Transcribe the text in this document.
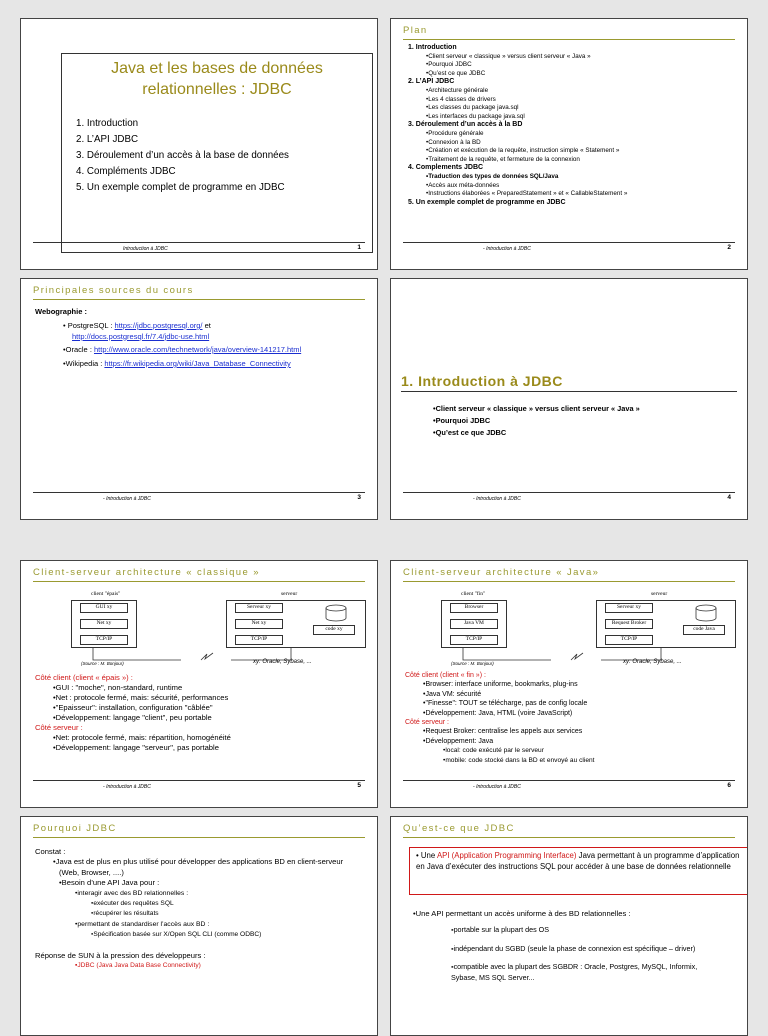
Java et les bases de données relationnelles : JDBC
1. Introduction
2. L’API JDBC
3. Déroulement d’un accès à la base de données
4. Compléments JDBC
5. Un exemple complet de programme en JDBC
Introduction à JDBC	1
Plan
1. Introduction
• Client serveur « classique » versus client serveur « Java »
• Pourquoi JDBC
• Qu’est ce que JDBC
2. L’API JDBC
• Architecture générale
• Les 4 classes de drivers
• Les classes du package java.sql
• Les interfaces du package java.sql
3. Déroulement d’un accès à la BD
• Procédure générale
• Connexion à la BD
• Création et exécution de la requête, instruction simple « Statement »
• Traitement de la requête, et fermeture de la connexion
4. Complements JDBC
• Traduction des types de données SQL/Java
• Accès aux méta-données
• Instructions élaborées « PreparedStatement » et « CallableStatement »
5. Un exemple complet de programme en JDBC
- Introduction à JDBC	2
Principales sources du cours
Webographie :
• PostgreSQL : https://jdbc.postgresql.org/ et
http://docs.postgresql.fr/7.4/jdbc-use.html
•Oracle : http://www.oracle.com/technetwork/java/overview-141217.html
•Wikipedia : https://fr.wikipedia.org/wiki/Java_Database_Connectivity
- Introduction à JDBC	3
1. Introduction à JDBC
• Client serveur « classique » versus client serveur « Java »
• Pourquoi JDBC
• Qu’est ce que JDBC
- Introduction à JDBC	4
Client-serveur architecture « classique »
client "épais"	serveur
GUI xy
Net xy
TCP/IP
Serveur xy
Net xy
TCP/IP
code xy
(Source : M. Bonjour)	xy: Oracle, Sybase, ...
Côté client (client « épais ») :
• GUI : "moche", non-standard, runtime
• Net : protocole fermé, mais: sécurité, performances
• "Epaisseur": installation, configuration "câblée"
• Développement: langage "client", peu portable
Côté serveur :
• Net: protocole fermé, mais: répartition, homogénéité
• Développement: langage "serveur", pas portable
- Introduction à JDBC	5
Client-serveur architecture « Java»
client "fin"	serveur
Browser
Java VM
TCP/IP
Serveur xy
Request Broker
TCP/IP
code Java
(Source : M. Bonjour)	xy: Oracle, Sybase, ...
Côté client (client « fin ») :
• Browser: interface uniforme, bookmarks, plug-ins
• Java VM: sécurité
• "Finesse": TOUT se télécharge, pas de config locale
• Développement: Java, HTML (voire JavaScript)
Côté serveur :
• Request Broker: centralise les appels aux services
• Développement: Java
• local: code exécuté par le serveur
• mobile: code stocké dans la BD et envoyé au client
- Introduction à JDBC	6
Pourquoi JDBC
Constat :
• Java est de plus en plus utilisé pour développer des applications BD en client-serveur (Web, Browser, ....)
• Besoin d’une API Java pour :
• interagir avec des BD relationnelles :
▪ exécuter des requêtes SQL
▪ récupérer les résultats
• permettant de standardiser l’accès aux BD :
▪ Spécification basée sur X/Open SQL CLI (comme ODBC)
Réponse de SUN à la pression des développeurs :
▪ JDBC (Java Java Data Base Connectivity)
Qu’est-ce que JDBC
• Une API (Application Programming Interface) Java permettant à un programme d’application en Java d’exécuter des instructions SQL pour accéder à une base de données relationnelle
• Une API permettant un accès uniforme à des BD relationnelles :
▪ portable sur la plupart des OS
▪ indépendant du SGBD (seule la phase de connexion est spécifique – driver)
▪ compatible avec la plupart des SGBDR : Oracle, Postgres, MySQL, Informix, Sybase, MS SQL Server...
